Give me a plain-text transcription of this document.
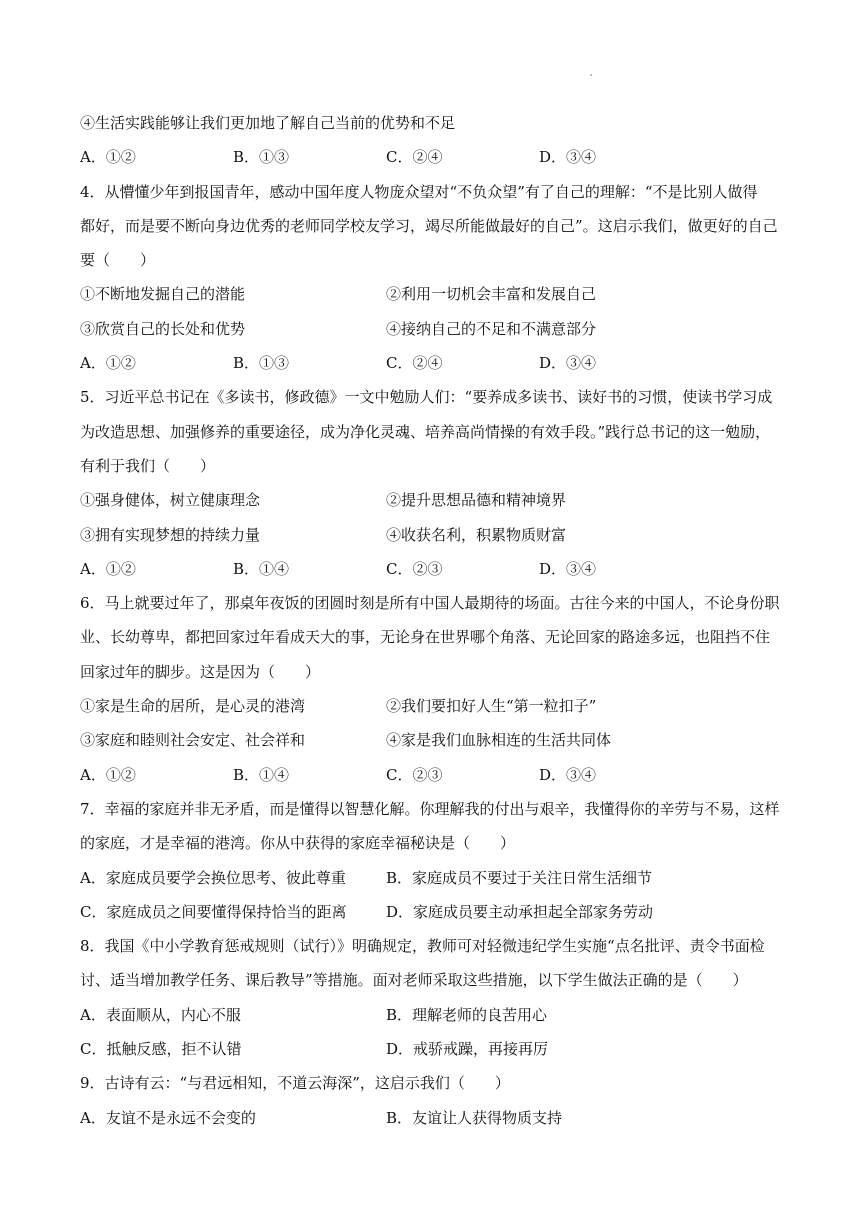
④生活实践能够让我们更加地了解自己当前的优势和不足
A．①②	B．①③	C．②④	D．③④
4．从懵懂少年到报国青年，感动中国年度人物庞众望对“不负众望”有了自己的理解：“不是比别人做得
都好，而是要不断向身边优秀的老师同学校友学习，竭尽所能做最好的自己”。这启示我们，做更好的自己
要（　　）
①不断地发掘自己的潜能	②利用一切机会丰富和发展自己
③欣赏自己的长处和优势	④接纳自己的不足和不满意部分
A．①②	B．①③	C．②④	D．③④
5．习近平总书记在《多读书，修政德》一文中勉励人们：“要养成多读书、读好书的习惯，使读书学习成
为改造思想、加强修养的重要途径，成为净化灵魂、培养高尚情操的有效手段。”践行总书记的这一勉励，
有利于我们（　　）
①强身健体，树立健康理念	②提升思想品德和精神境界
③拥有实现梦想的持续力量	④收获名利，积累物质财富
A．①②	B．①④	C．②③	D．③④
6．马上就要过年了，那桌年夜饭的团圆时刻是所有中国人最期待的场面。古往今来的中国人，不论身份职
业、长幼尊卑，都把回家过年看成天大的事，无论身在世界哪个角落、无论回家的路途多远，也阻挡不住
回家过年的脚步。这是因为（　　）
①家是生命的居所，是心灵的港湾	②我们要扣好人生“第一粒扣子”
③家庭和睦则社会安定、社会祥和	④家是我们血脉相连的生活共同体
A．①②	B．①④	C．②③	D．③④
7．幸福的家庭并非无矛盾，而是懂得以智慧化解。你理解我的付出与艰辛，我懂得你的辛劳与不易，这样
的家庭，才是幸福的港湾。你从中获得的家庭幸福秘诀是（　　）
A．家庭成员要学会换位思考、彼此尊重	B．家庭成员不要过于关注日常生活细节
C．家庭成员之间要懂得保持恰当的距离	D．家庭成员要主动承担起全部家务劳动
8．我国《中小学教育惩戒规则（试行）》明确规定，教师可对轻微违纪学生实施“点名批评、责令书面检
讨、适当增加教学任务、课后教导”等措施。面对老师采取这些措施，以下学生做法正确的是（　　）
A．表面顺从，内心不服	B．理解老师的良苦用心
C．抵触反感，拒不认错	D．戒骄戒躁，再接再厉
9．古诗有云：“与君远相知，不道云海深”，这启示我们（　　）
A．友谊不是永远不会变的	B．友谊让人获得物质支持
